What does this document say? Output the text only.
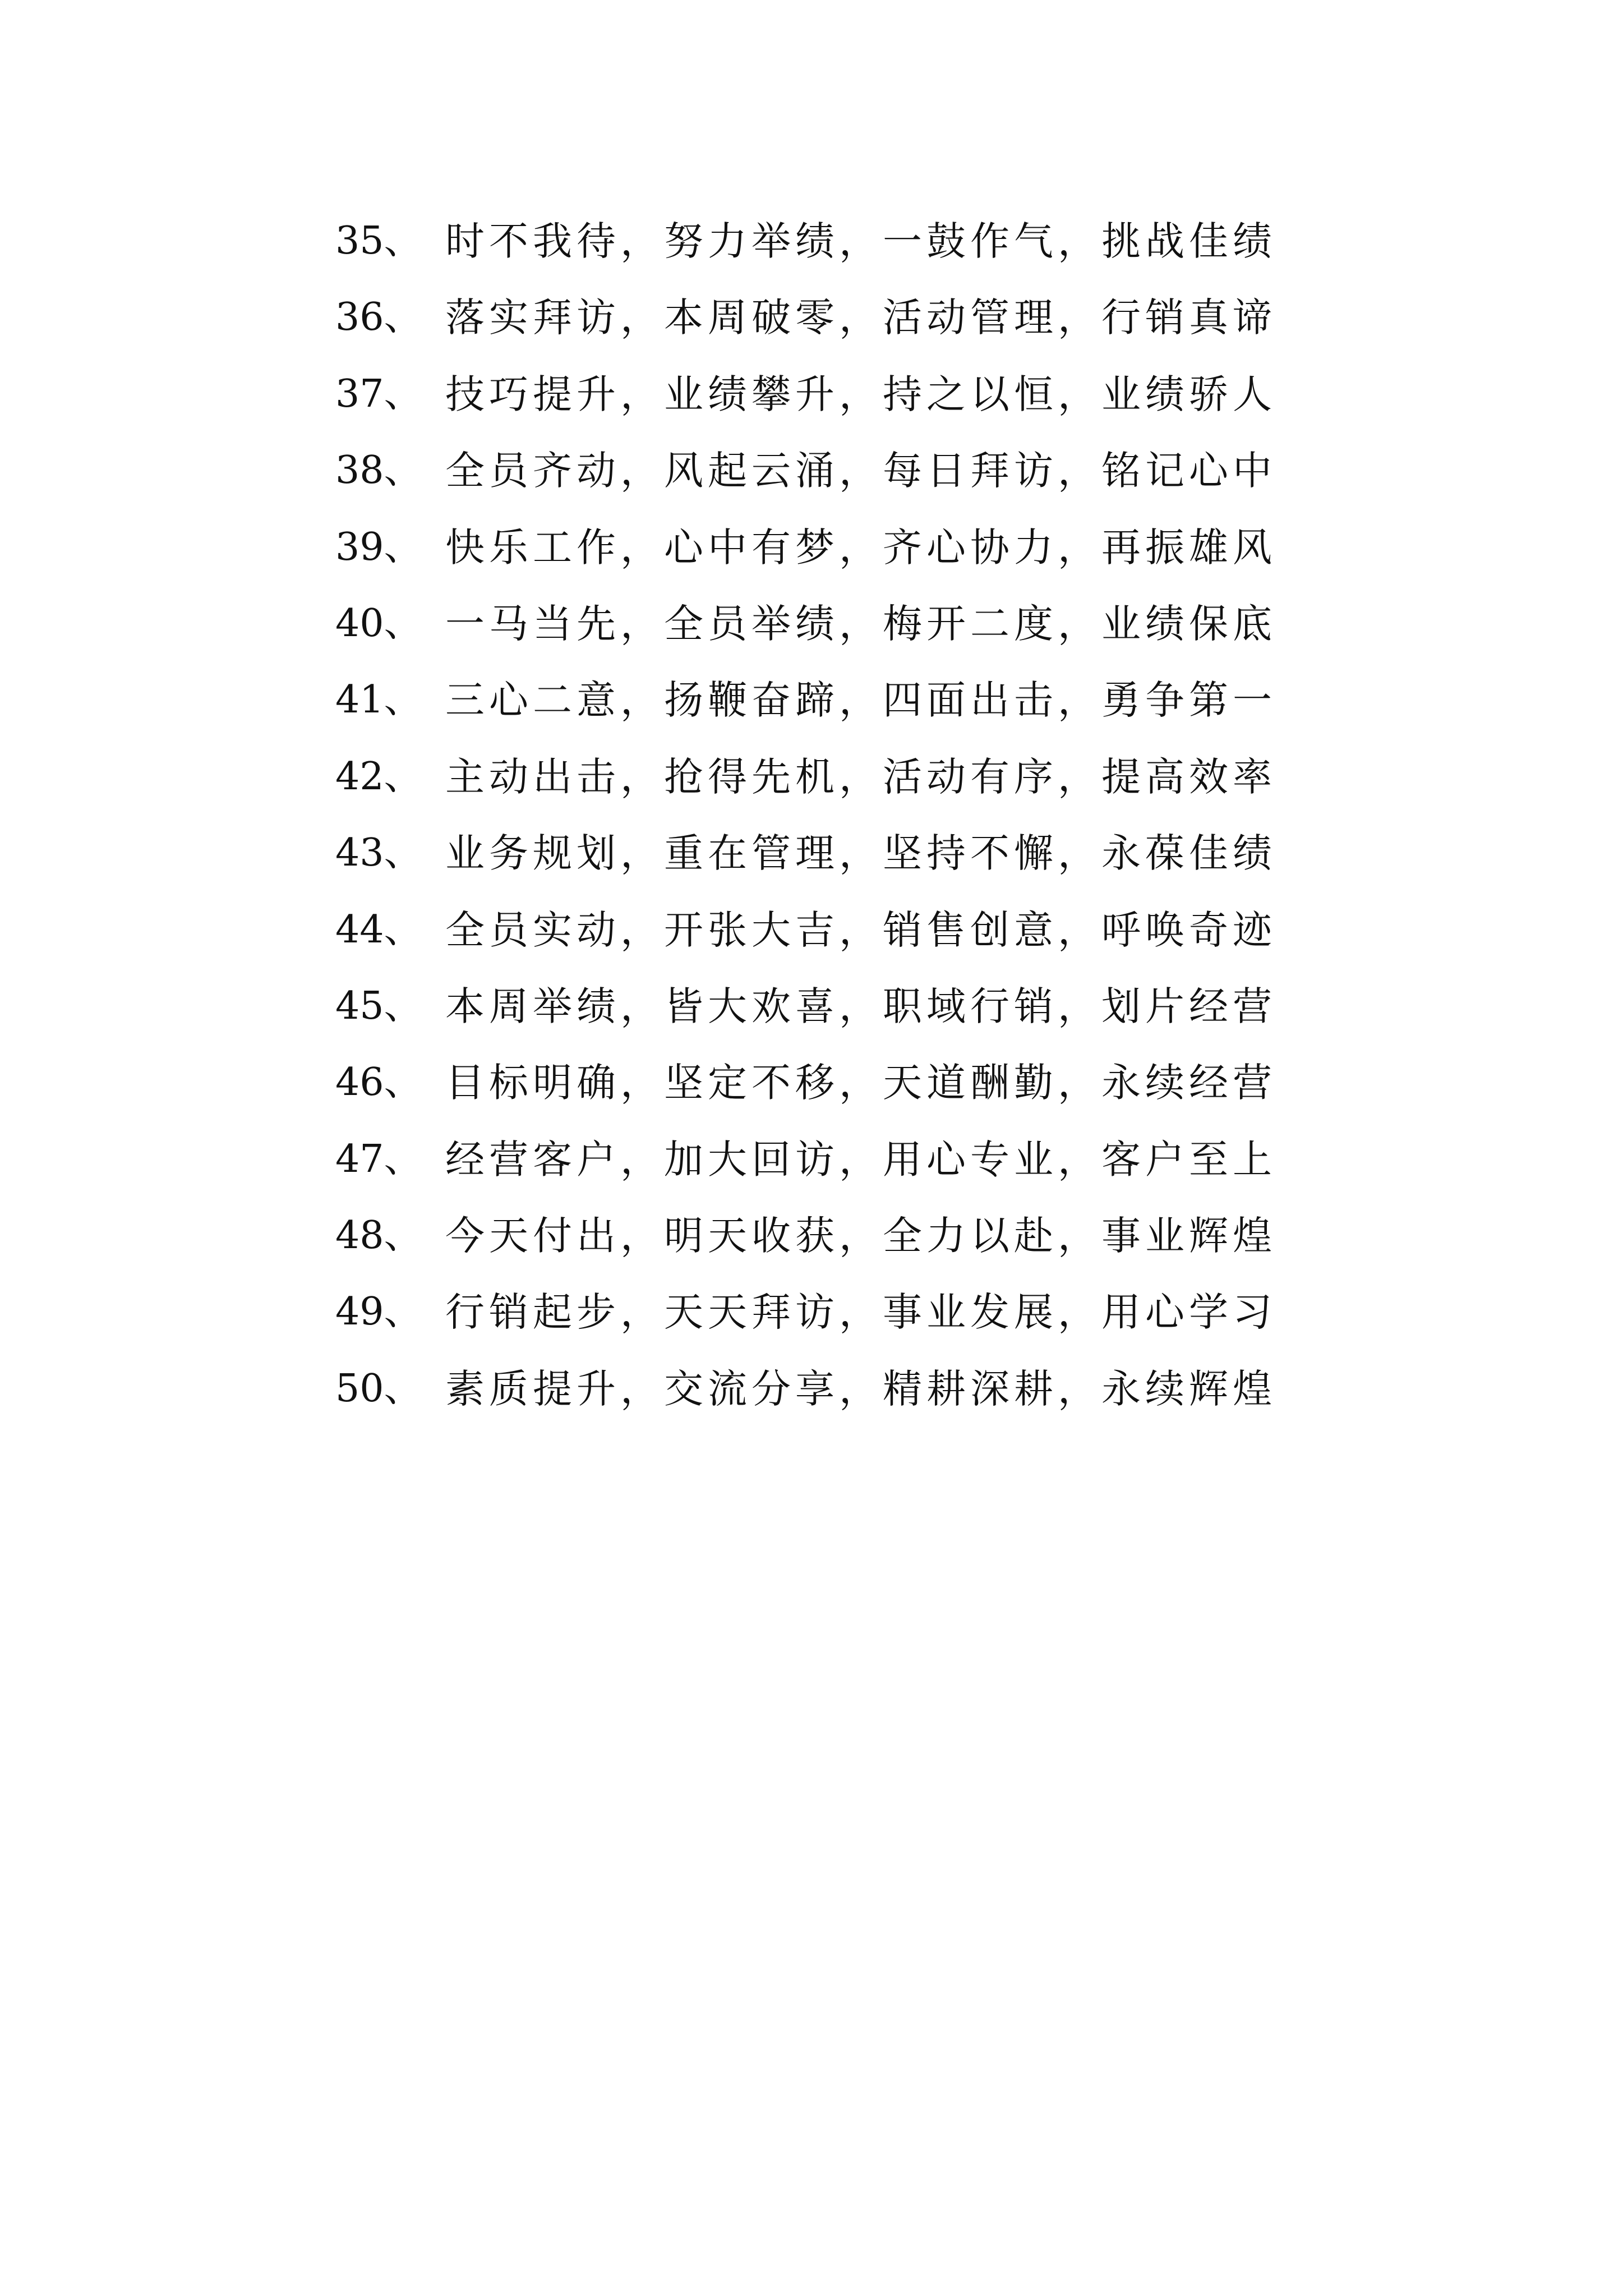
35、 时不我待，努力举绩，一鼓作气，挑战佳绩
36、 落实拜访，本周破零，活动管理，行销真谛
37、 技巧提升，业绩攀升，持之以恒，业绩骄人
38、 全员齐动，风起云涌，每日拜访，铭记心中
39、 快乐工作，心中有梦，齐心协力，再振雄风
40、 一马当先，全员举绩，梅开二度，业绩保底
41、 三心二意，扬鞭奋蹄，四面出击，勇争第一
42、 主动出击，抢得先机，活动有序，提高效率
43、 业务规划，重在管理，坚持不懈，永葆佳绩
44、 全员实动，开张大吉，销售创意，呼唤奇迹
45、 本周举绩，皆大欢喜，职域行销，划片经营
46、 目标明确，坚定不移，天道酬勤，永续经营
47、 经营客户，加大回访，用心专业，客户至上
48、 今天付出，明天收获，全力以赴，事业辉煌
49、 行销起步，天天拜访，事业发展，用心学习
50、 素质提升，交流分享，精耕深耕，永续辉煌
